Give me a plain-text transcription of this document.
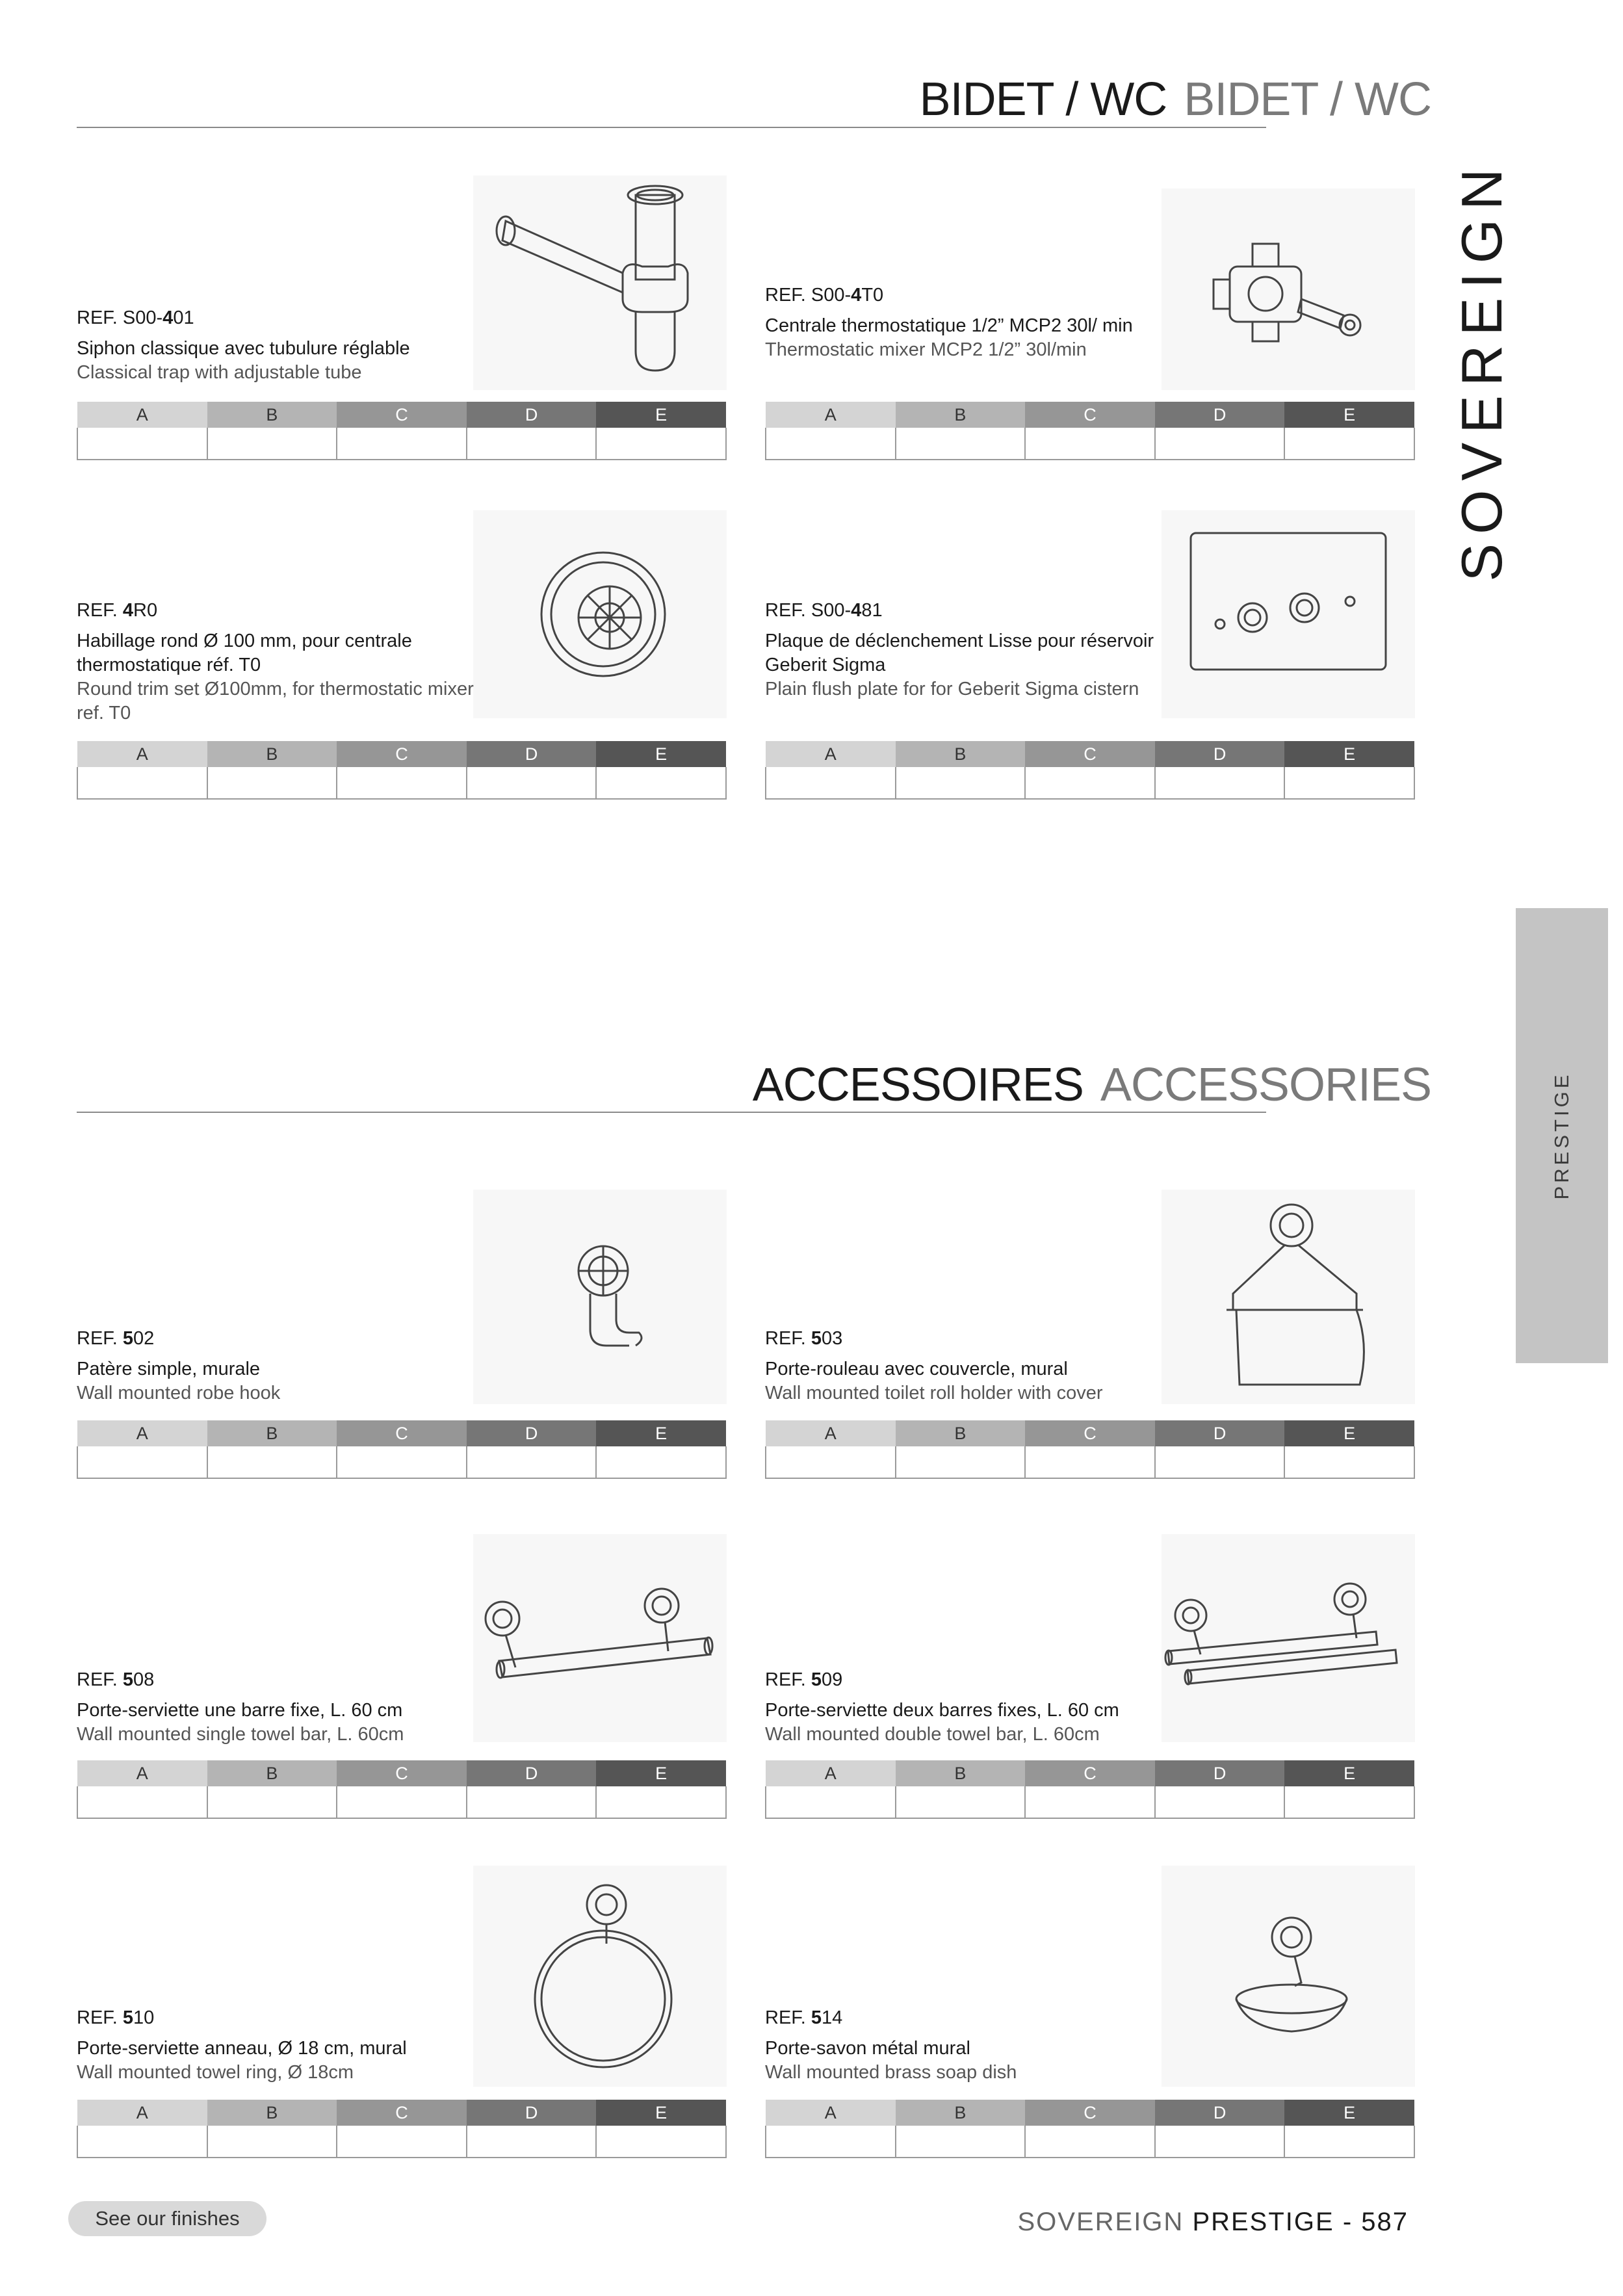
SOVEREIGN
PRESTIGE
BIDET / WC BIDET / WC
ACCESSOIRES ACCESSORIES
REF. S00-401
Siphon classique avec tubulure réglable
Classical trap with adjustable tube
A	B	C	D	E

REF. S00-4T0
Centrale thermostatique 1/2” MCP2 30l/ min
Thermostatic mixer MCP2 1/2” 30l/min
A	B	C	D	E

REF. 4R0
Habillage rond Ø 100 mm, pour centrale thermostatique réf. T0
Round trim set Ø100mm, for thermostatic mixer ref. T0
A	B	C	D	E

REF. S00-481
Plaque de déclenchement Lisse pour réservoir Geberit Sigma
Plain flush plate for for Geberit Sigma cistern
A	B	C	D	E

REF. 502
Patère simple, murale
Wall mounted robe hook
A	B	C	D	E

REF. 503
Porte-rouleau avec couvercle, mural
Wall mounted toilet roll holder with cover
A	B	C	D	E

REF. 508
Porte-serviette une barre fixe, L. 60 cm
Wall mounted single towel bar, L. 60cm
A	B	C	D	E

REF. 509
Porte-serviette deux barres fixes, L. 60 cm
Wall mounted double towel bar, L. 60cm
A	B	C	D	E

REF. 510
Porte-serviette anneau, Ø 18 cm, mural
Wall mounted towel ring, Ø 18cm
A	B	C	D	E

REF. 514
Porte-savon métal mural
Wall mounted brass soap dish
A	B	C	D	E

See our finishes	SOVEREIGN PRESTIGE - 587
